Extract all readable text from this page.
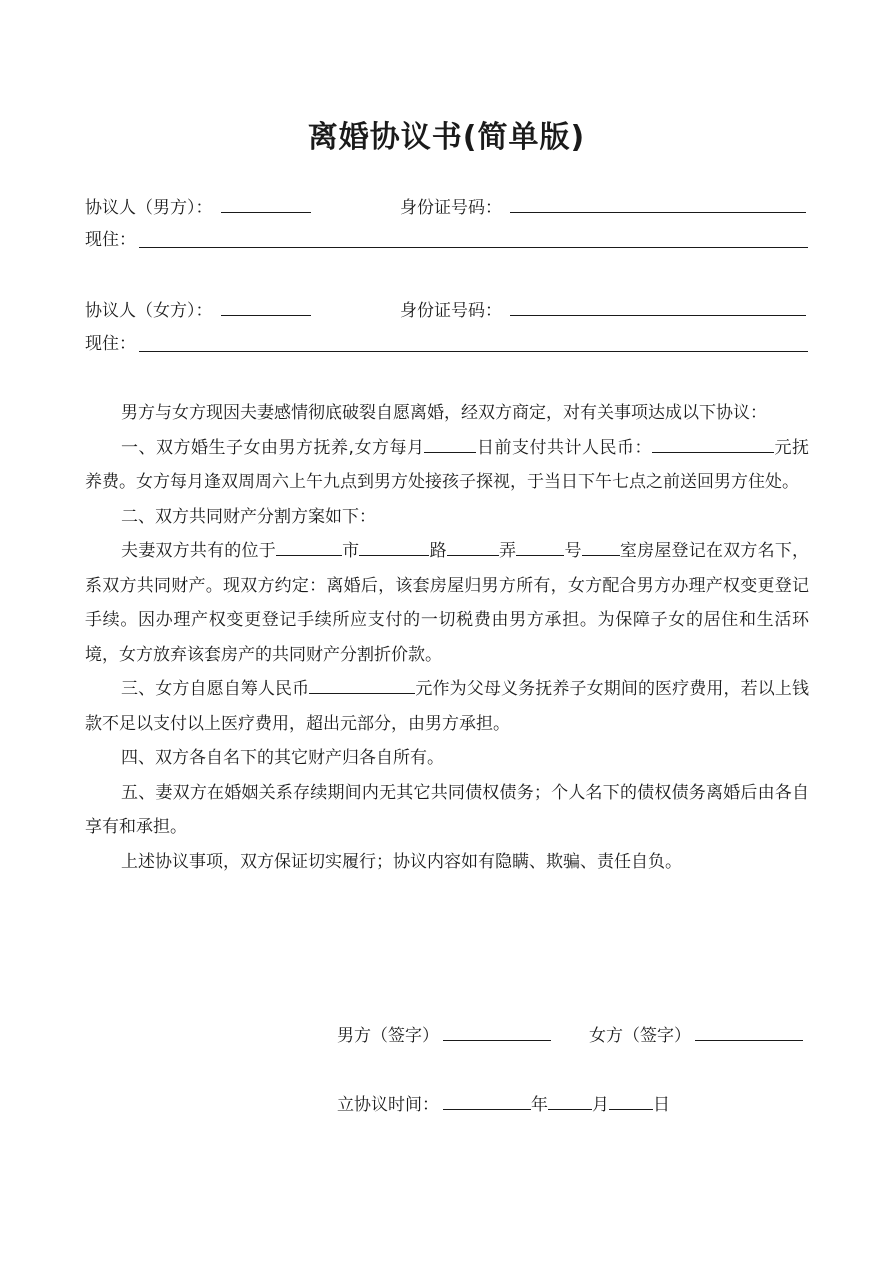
离婚协议书(简单版)
协议人（男方）：	身份证号码：
现住：
协议人（女方）：	身份证号码：
现住：

男方与女方现因夫妻感情彻底破裂自愿离婚，经双方商定，对有关事项达成以下协议：

一、双方婚生子女由男方抚养,女方每月	日前支付共计人民币：	元抚养费。女方每月逢双周周六上午九点到男方处接孩子探视，于当日下午七点之前送回男方住处。

二、双方共同财产分割方案如下：

夫妻双方共有的位于	市	路	弄	号 室房屋登记在双方名下，系双方共同财产。现双方约定：离婚后，该套房屋归男方所有，女方配合男方办理产权变更登记手续。因办理产权变更登记手续所应支付的一切税费由男方承担。为保障子女的居住和生活环境，女方放弃该套房产的共同财产分割折价款。

三、女方自愿自筹人民币	元作为父母义务抚养子女期间的医疗费用，若以上钱款不足以支付以上医疗费用，超出元部分，由男方承担。

四、双方各自名下的其它财产归各自所有。

五、妻双方在婚姻关系存续期间内无其它共同债权债务；个人名下的债权债务离婚后由各自享有和承担。

上述协议事项，双方保证切实履行；协议内容如有隐瞒、欺骗、责任自负。

男方（签字）	女方（签字）
立协议时间：	年	月	日
